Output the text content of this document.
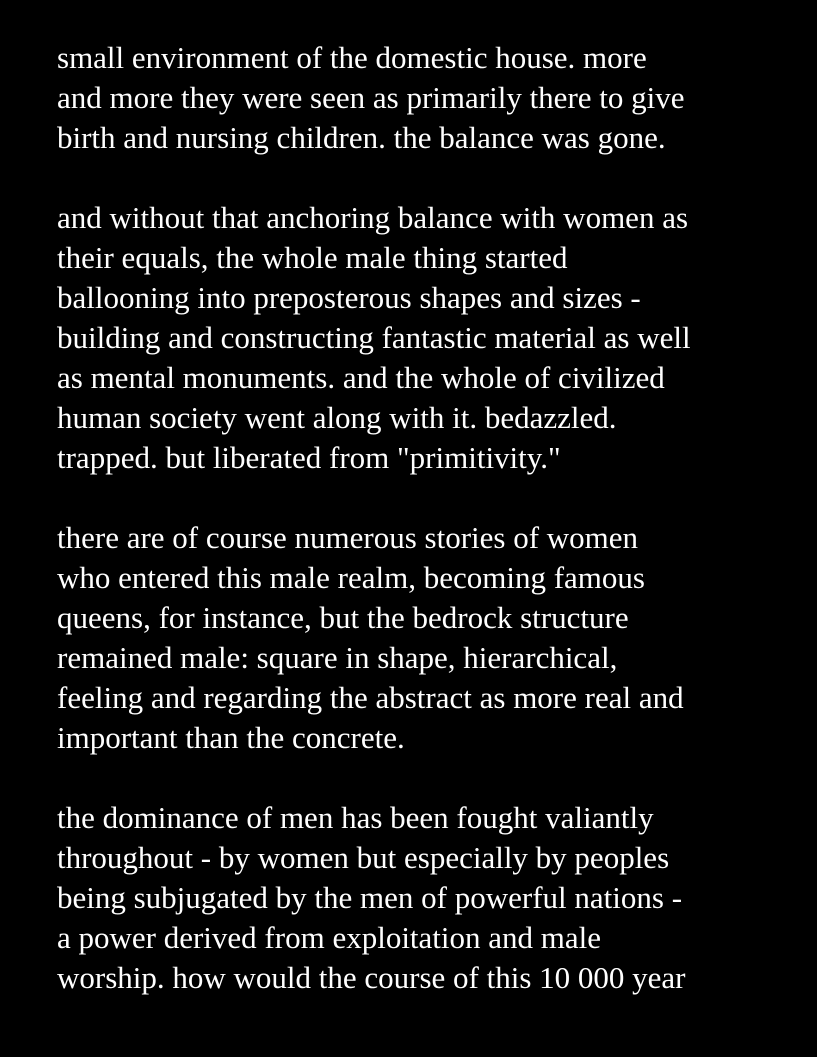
small environment of the domestic house. more
and more they were seen as primarily there to give
birth and nursing children. the balance was gone.

and without that anchoring balance with women as
their equals, the whole male thing started
ballooning into preposterous shapes and sizes -
building and constructing fantastic material as well
as mental monuments. and the whole of civilized
human society went along with it. bedazzled.
trapped. but liberated from "primitivity."

there are of course numerous stories of women
who entered this male realm, becoming famous
queens, for instance, but the bedrock structure
remained male: square in shape, hierarchical,
feeling and regarding the abstract as more real and
important than the concrete.

the dominance of men has been fought valiantly
throughout - by women but especially by peoples
being subjugated by the men of powerful nations -
a power derived from exploitation and male
worship. how would the course of this 10 000 year
